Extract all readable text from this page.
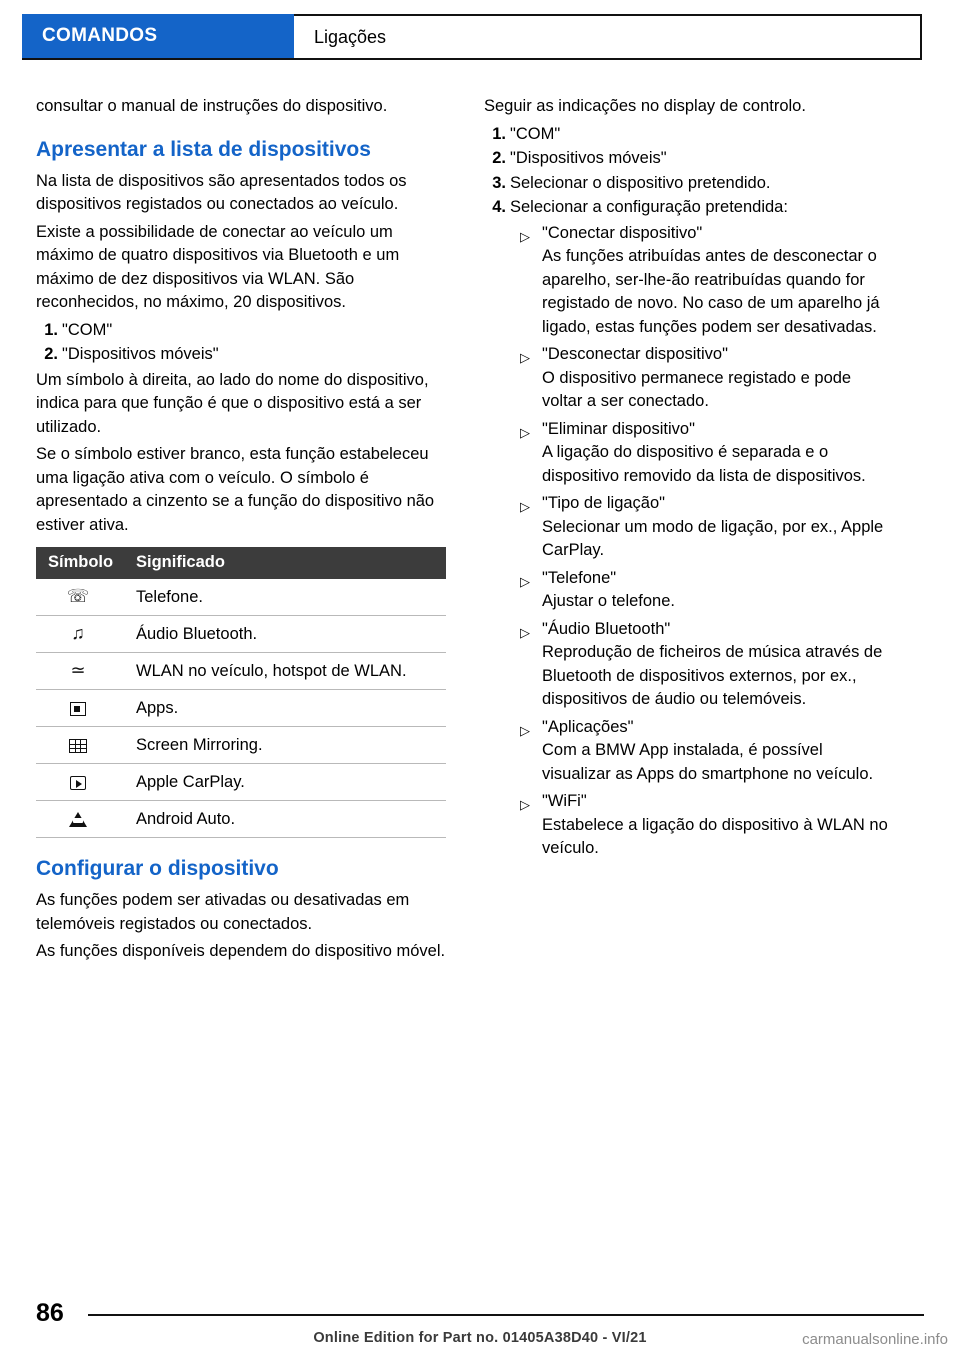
COMANDOS	Ligações

consultar o manual de instruções do dispositivo.

Apresentar a lista de dispositivos

Na lista de dispositivos são apresentados todos os dispositivos registados ou conectados ao veículo.

Existe a possibilidade de conectar ao veículo um máximo de quatro dispositivos via Bluetooth e um máximo de dez dispositivos via WLAN. São reconhecidos, no máximo, 20 dispositivos.

1 . "COM"
2 . "Dispositivos móveis"

Um símbolo à direita, ao lado do nome do dispositivo, indica para que função é que o dispositivo está a ser utilizado.

Se o símbolo estiver branco, esta função estabeleceu uma ligação ativa com o veículo. O símbolo é apresentado a cinzento se a função do dispositivo não estiver ativa.

Símbolo	Significado
☏	Telefone.
♫	Áudio Bluetooth.
≃	WLAN no veículo, hotspot de WLAN.
	Apps.
	Screen Mirroring.
	Apple CarPlay.
	Android Auto.
Configurar o dispositivo

As funções podem ser ativadas ou desativadas em telemóveis registados ou conectados.

As funções disponíveis dependem do dispositivo móvel.

Seguir as indicações no display de controlo.

1 . "COM"
2 . "Dispositivos móveis"
3 . Selecionar o dispositivo pretendido.
4 . Selecionar a configuração pretendida:
▷ "Conectar dispositivo"

As funções atribuídas antes de desconectar o aparelho, ser-lhe-ão reatribuídas quando for registado de novo. No caso de um aparelho já ligado, estas funções podem ser desativadas.

▷ "Desconectar dispositivo"

O dispositivo permanece registado e pode voltar a ser conectado.

▷ "Eliminar dispositivo"

A ligação do dispositivo é separada e o dispositivo removido da lista de dispositivos.

▷ "Tipo de ligação"

Selecionar um modo de ligação, por ex., Apple CarPlay.

▷ "Telefone"

Ajustar o telefone.

▷ "Áudio Bluetooth"

Reprodução de ficheiros de música através de Bluetooth de dispositivos externos, por ex., dispositivos de áudio ou telemóveis.

▷ "Aplicações"

Com a BMW App instalada, é possível visualizar as Apps do smartphone no veículo.

▷ "WiFi"

Estabelece a ligação do dispositivo à WLAN no veículo.

86
Online Edition for Part no. 01405A38D40 - VI/21	carmanualsonline.info
